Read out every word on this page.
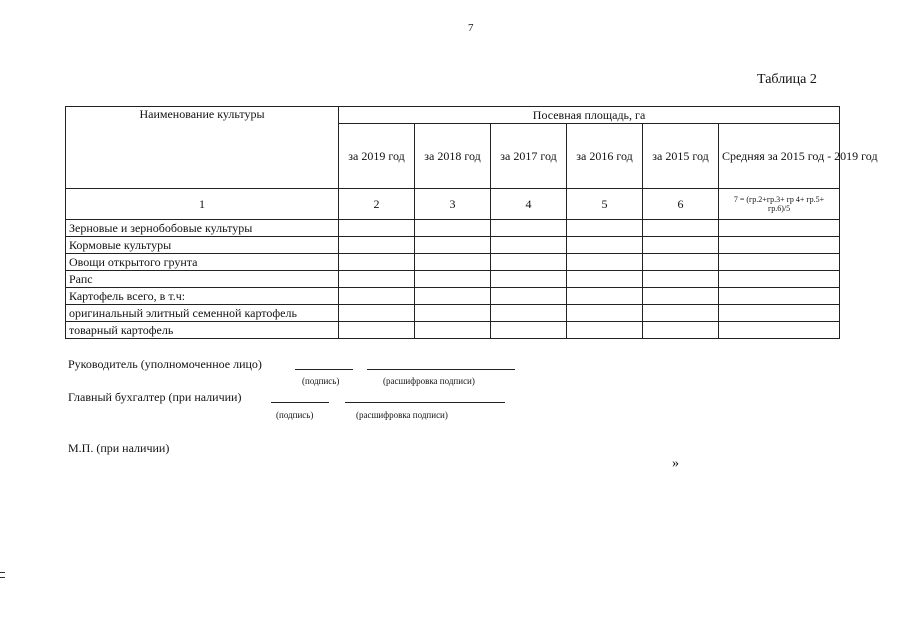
7
Таблица 2
Наименование культуры	Посевная площадь, га					
	за 2019 год	за 2018 год	за 2017 год	за 2016 год	за 2015 год	Средняя за 2015 год - 2019 год
1	2	3	4	5	6	7 = (гр.2+гр.3+ гр 4+ гр.5+ гр.6)/5
Зерновые и зернобобовые культуры						
Кормовые культуры						
Овощи открытого грунта						
Рапс						
Картофель всего, в т.ч:						
оригинальный элитный семенной картофель						
товарный картофель						
Руководитель (уполномоченное лицо)
(подпись)	(расшифровка подписи)
Главный бухгалтер (при наличии)
(подпись)	(расшифровка подписи)
М.П. (при наличии)
»
